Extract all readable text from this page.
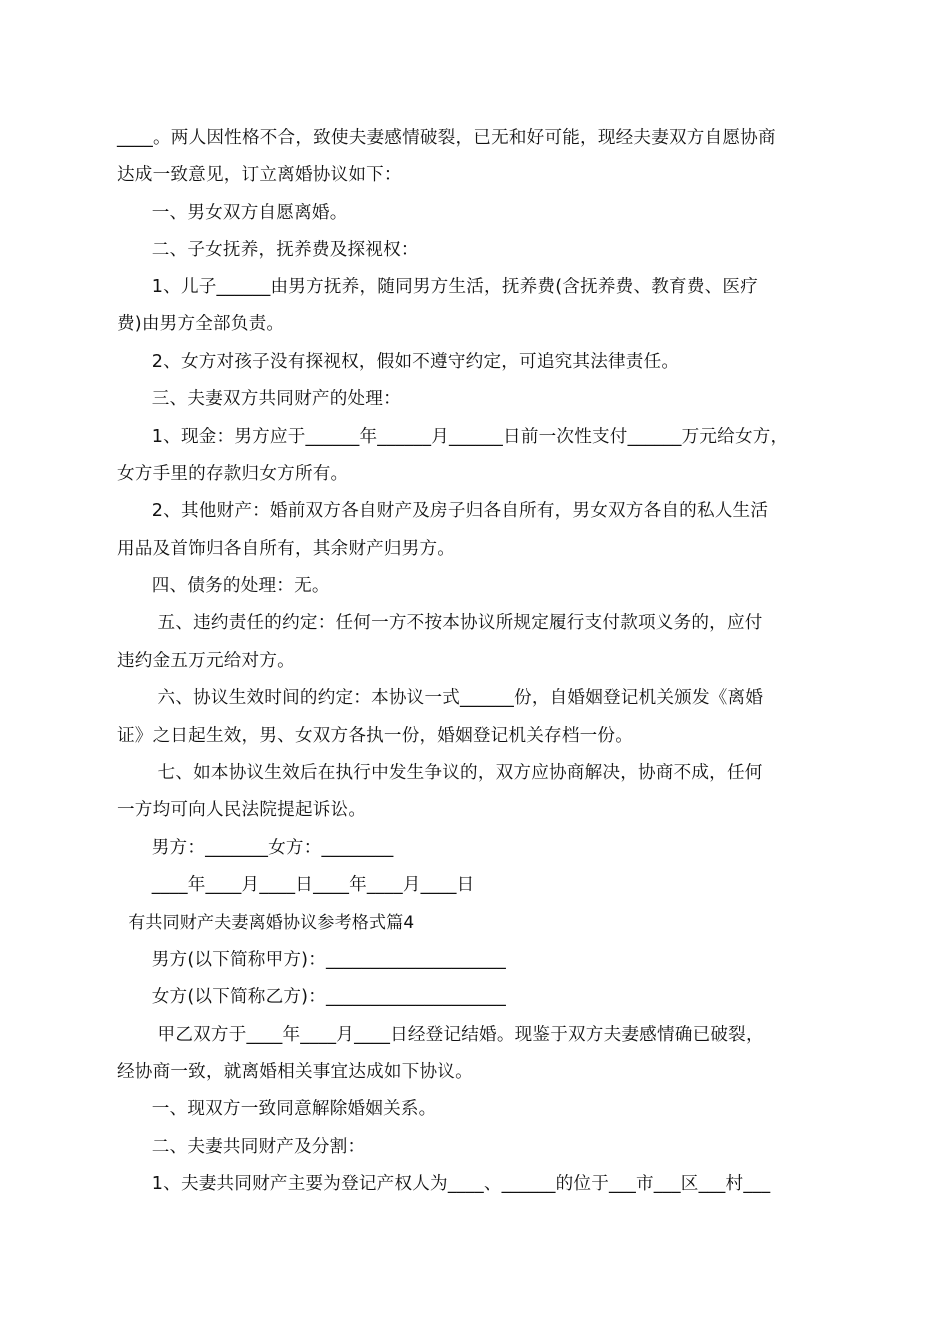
____。两人因性格不合，致使夫妻感情破裂，已无和好可能，现经夫妻双方自愿协商
达成一致意见，订立离婚协议如下：
一、男女双方自愿离婚。
二、子女抚养，抚养费及探视权：
1、儿子______由男方抚养，随同男方生活，抚养费(含抚养费、教育费、医疗
费)由男方全部负责。
2、女方对孩子没有探视权，假如不遵守约定，可追究其法律责任。
三、夫妻双方共同财产的处理：
1、现金：男方应于______年______月______日前一次性支付______万元给女方，
女方手里的存款归女方所有。
2、其他财产：婚前双方各自财产及房子归各自所有，男女双方各自的私人生活
用品及首饰归各自所有，其余财产归男方。
四、债务的处理：无。
五、违约责任的约定：任何一方不按本协议所规定履行支付款项义务的，应付
违约金五万元给对方。
六、协议生效时间的约定：本协议一式______份，自婚姻登记机关颁发《离婚
证》之日起生效，男、女双方各执一份，婚姻登记机关存档一份。
七、如本协议生效后在执行中发生争议的，双方应协商解决，协商不成，任何
一方均可向人民法院提起诉讼。
男方：_______女方：________
____年____月____日____年____月____日
有共同财产夫妻离婚协议参考格式篇4
男方(以下简称甲方)：____________________
女方(以下简称乙方)：____________________
甲乙双方于____年____月____日经登记结婚。现鉴于双方夫妻感情确已破裂，
经协商一致，就离婚相关事宜达成如下协议。
一、现双方一致同意解除婚姻关系。
二、夫妻共同财产及分割：
1、夫妻共同财产主要为登记产权人为____、______的位于___市___区___村___
